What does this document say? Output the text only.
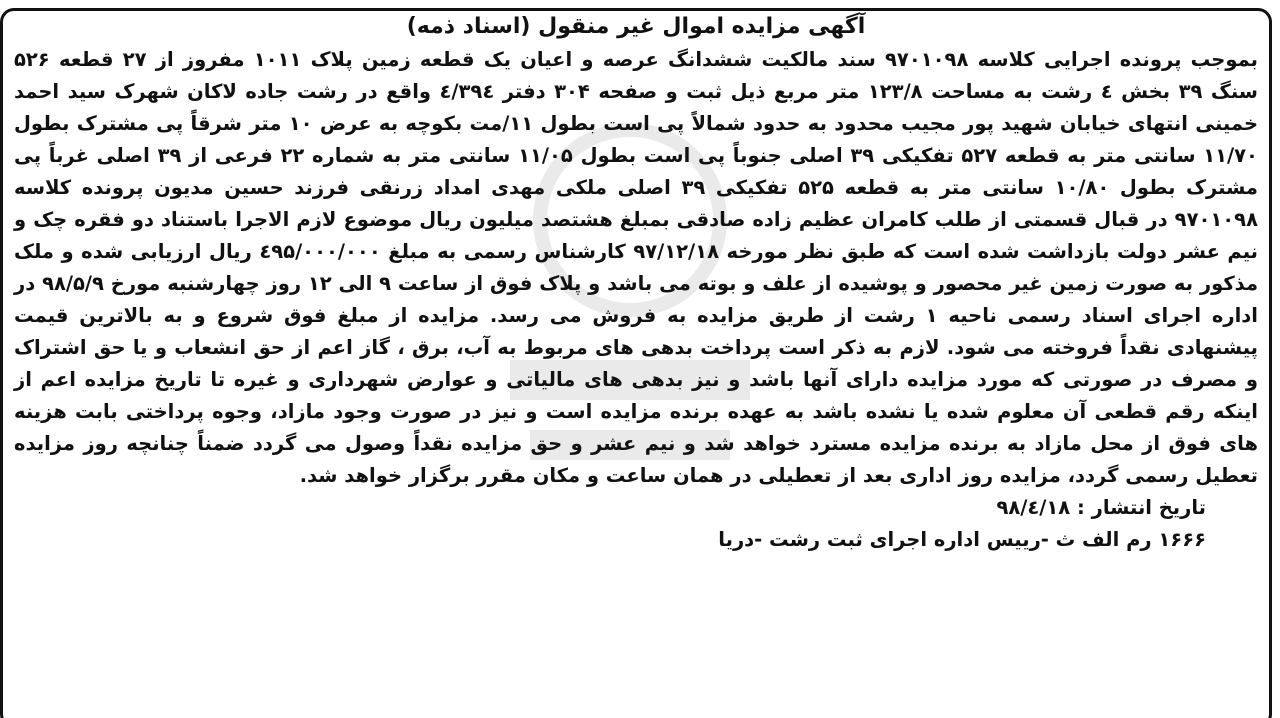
آگهی مزایده اموال غیر منقول (اسناد ذمه)

بموجب پرونده اجرایی کلاسه ۹۷۰۱۰۹۸ سند مالکیت ششدانگ عرصه و اعیان یک قطعه زمین پلاک ۱۰۱۱ مفروز از ۲۷ قطعه ۵۲۶ سنگ ۳۹ بخش ٤ رشت به مساحت ۱۲۳/۸ متر مربع ذیل ثبت و صفحه ۳۰۴ دفتر ٤/۳۹٤ واقع در رشت جاده لاکان شهرک سید احمد خمینی انتهای خیابان شهید پور مجیب محدود به حدود شمالاً پی است بطول ۱۱/مت بکوچه به عرض ۱۰ متر شرقاً پی مشترک بطول ۱۱/۷۰ سانتی متر به قطعه ۵۲۷ تفکیکی ۳۹ اصلی جنوباً پی است بطول ۱۱/۰۵ سانتی متر به شماره ۲۲ فرعی از ۳۹ اصلی غرباً پی مشترک بطول ۱۰/۸۰ سانتی متر به قطعه ۵۲۵ تفکیکی ۳۹ اصلی ملکی مهدی امداد زرنقی فرزند حسین مدیون پرونده کلاسه ۹۷۰۱۰۹۸ در قبال قسمتی از طلب کامران عظیم زاده صادقی بمبلغ هشتصد میلیون ریال موضوع لازم الاجرا باستناد دو فقره چک و نیم عشر دولت بازداشت شده است که طبق نظر مورخه ۹۷/۱۲/۱۸ کارشناس رسمی به مبلغ ٤۹۵/۰۰۰/۰۰۰ ریال ارزیابی شده و ملک مذکور به صورت زمین غیر محصور و پوشیده از علف و بوته می باشد و پلاک فوق از ساعت ۹ الی ۱۲ روز چهارشنبه مورخ ۹۸/۵/۹ در اداره اجرای اسناد رسمی ناحیه ۱ رشت از طریق مزایده به فروش می رسد. مزایده از مبلغ فوق شروع و به بالاترین قیمت پیشنهادی نقداً فروخته می شود. لازم به ذکر است پرداخت بدهی های مربوط به آب، برق ، گاز اعم از حق انشعاب و یا حق اشتراک و مصرف در صورتی که مورد مزایده دارای آنها باشد و نیز بدهی های مالیاتی و عوارض شهرداری و غیره تا تاریخ مزایده اعم از اینکه رقم قطعی آن معلوم شده یا نشده باشد به عهده برنده مزایده است و نیز در صورت وجود مازاد، وجوه پرداختی بابت هزینه های فوق از محل مازاد به برنده مزایده مسترد خواهد شد و نیم عشر و حق مزایده نقداً وصول می گردد ضمناً چنانچه روز مزایده تعطیل رسمی گردد، مزایده روز اداری بعد از تعطیلی در همان ساعت و مکان مقرر برگزار خواهد شد.

تاریخ انتشار : ۹۸/٤/۱۸

۱۶۶۶ رم الف ث -رییس اداره اجرای ثبت رشت -دریا
